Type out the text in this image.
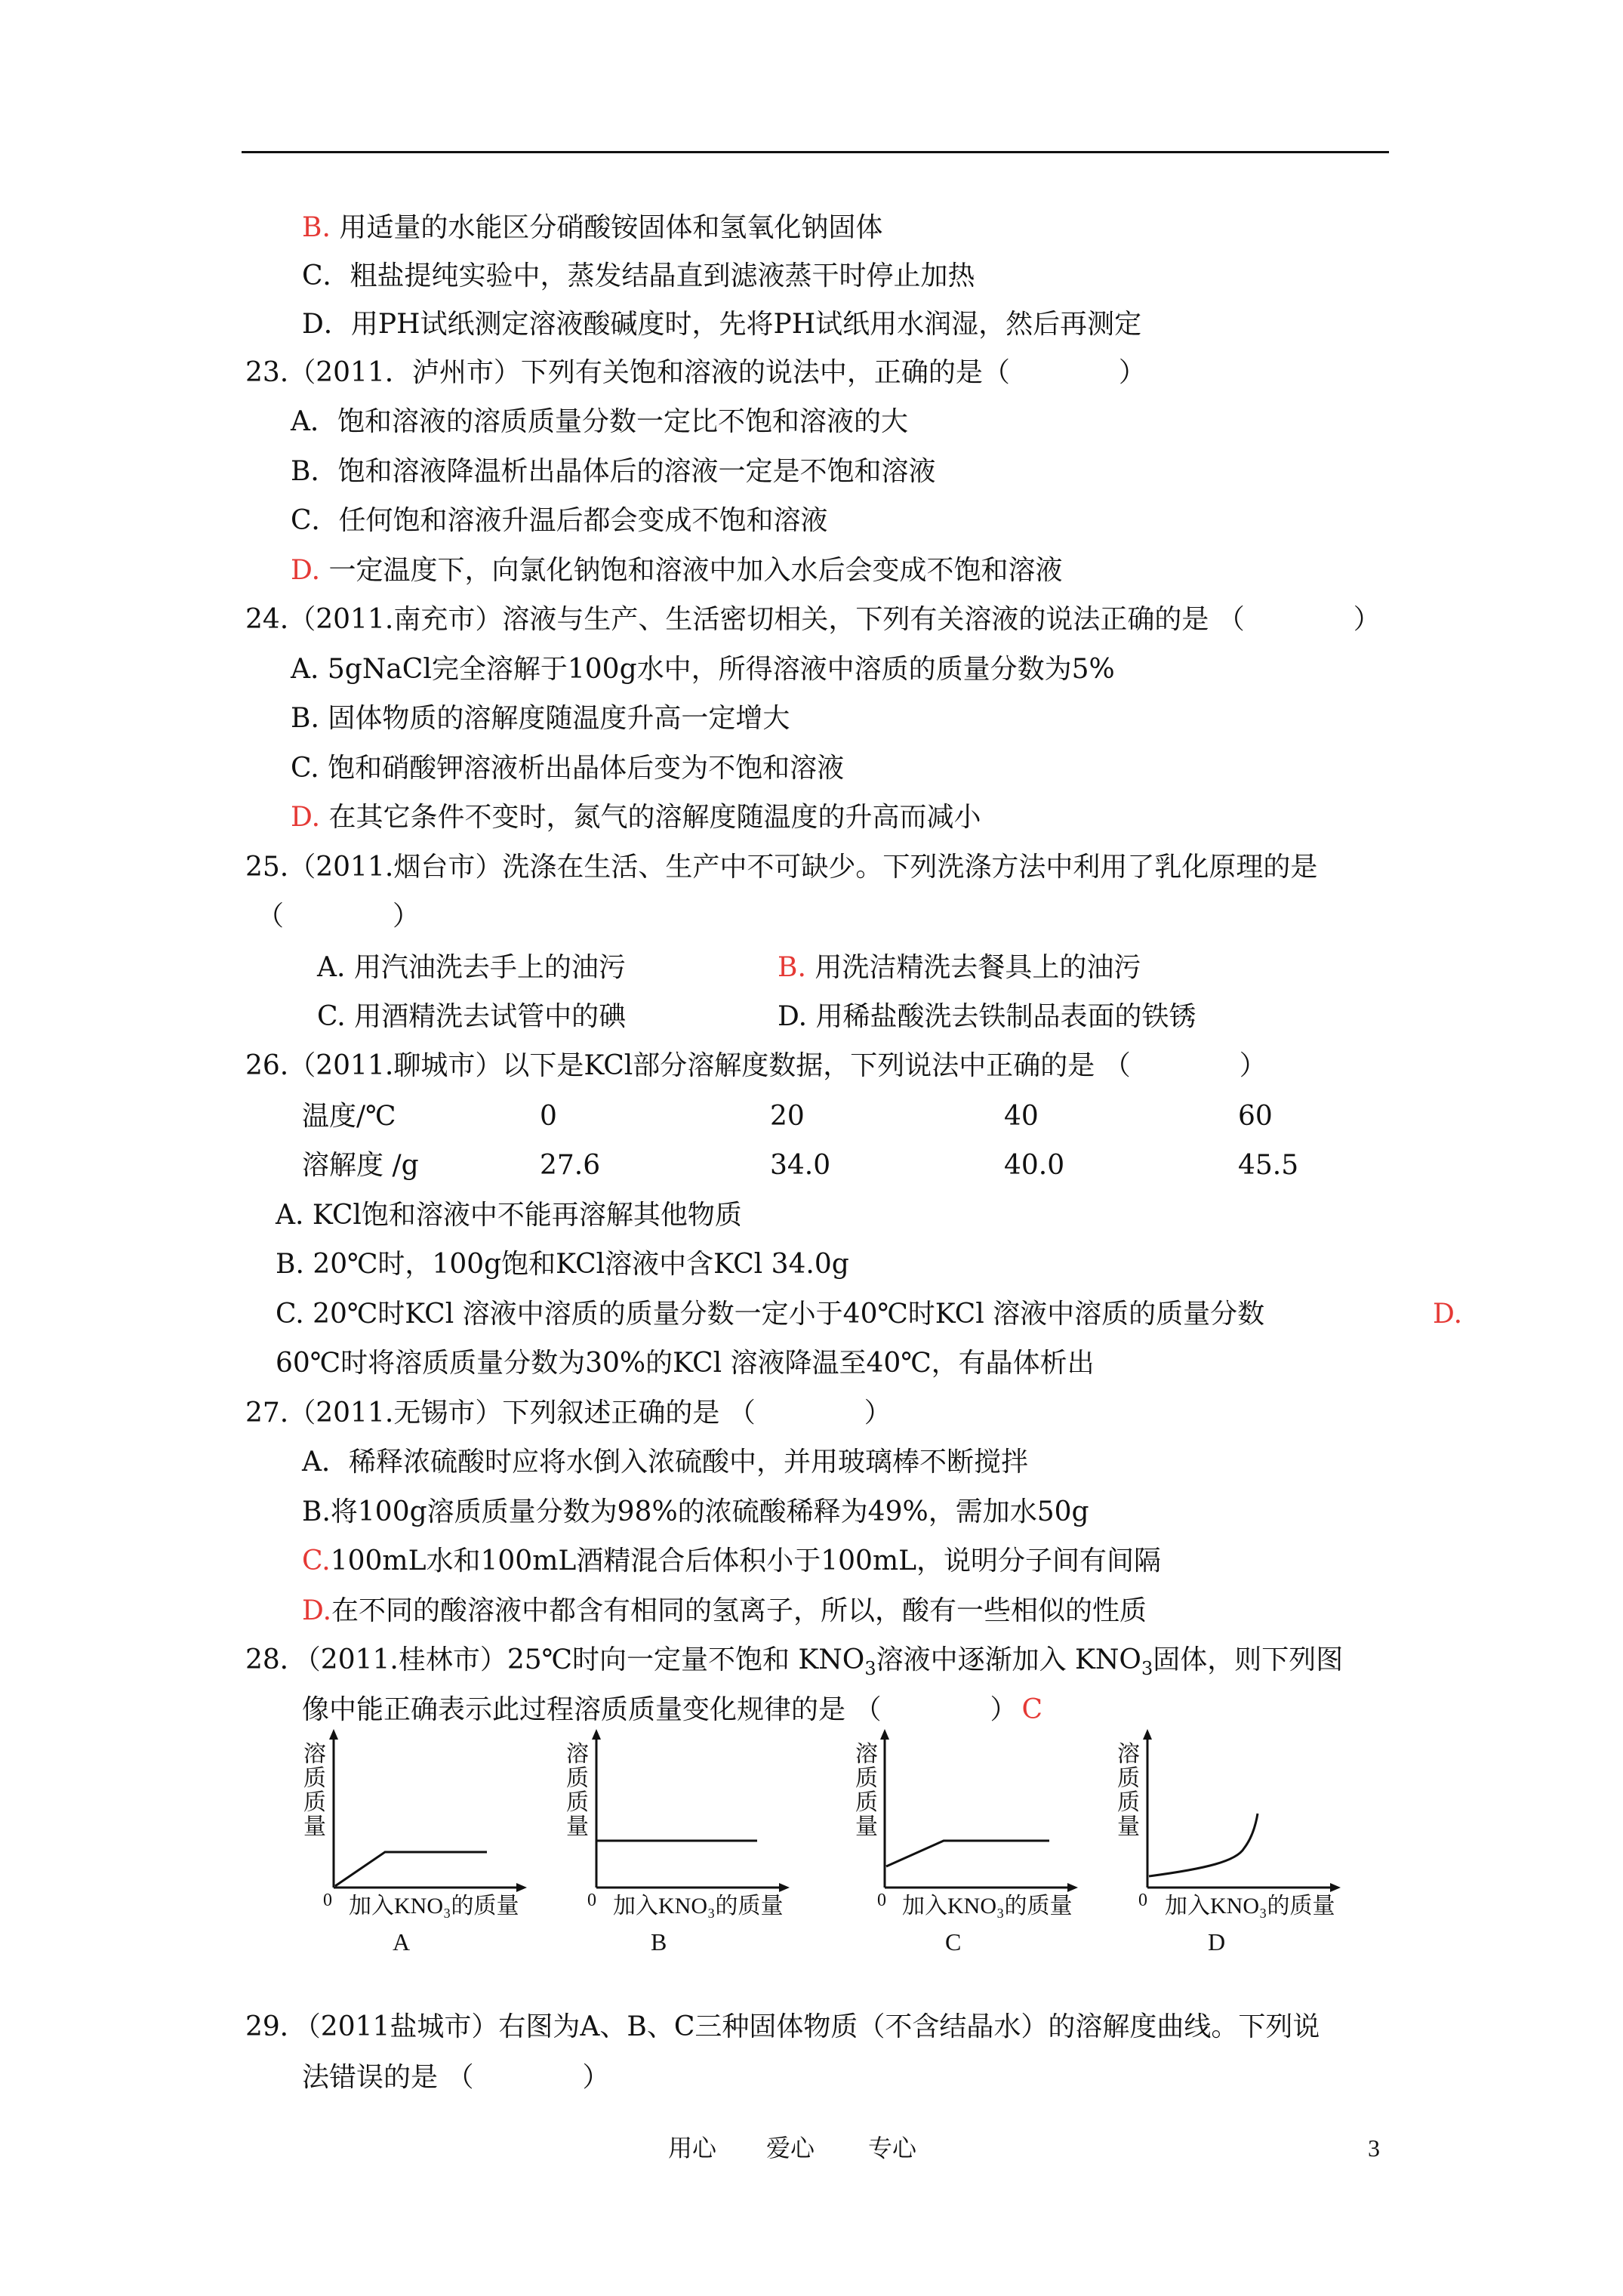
B. 用适量的水能区分硝酸铵固体和氢氧化钠固体
C．粗盐提纯实验中，蒸发结晶直到滤液蒸干时停止加热
D．用PH试纸测定溶液酸碱度时，先将PH试纸用水润湿，然后再测定
23.（2011．泸州市）下列有关饱和溶液的说法中，正确的是（　　　　）
A．饱和溶液的溶质质量分数一定比不饱和溶液的大
B．饱和溶液降温析出晶体后的溶液一定是不饱和溶液
C．任何饱和溶液升温后都会变成不饱和溶液
D. 一定温度下，向氯化钠饱和溶液中加入水后会变成不饱和溶液
24.（2011.南充市）溶液与生产、生活密切相关，下列有关溶液的说法正确的是 （　　　　）
A. 5gNaCl完全溶解于100g水中，所得溶液中溶质的质量分数为5%
B. 固体物质的溶解度随温度升高一定增大
C. 饱和硝酸钾溶液析出晶体后变为不饱和溶液
D. 在其它条件不变时，氮气的溶解度随温度的升高而减小
25.（2011.烟台市）洗涤在生活、生产中不可缺少。下列洗涤方法中利用了乳化原理的是
（　　　　）
A. 用汽油洗去手上的油污	B. 用洗洁精洗去餐具上的油污
C. 用酒精洗去试管中的碘	D. 用稀盐酸洗去铁制品表面的铁锈
26.（2011.聊城市）以下是KCl部分溶解度数据，下列说法中正确的是 （　　　　）
温度/℃	0	20	40	60
溶解度 /g	27.6	34.0	40.0	45.5
A. KCl饱和溶液中不能再溶解其他物质
B. 20℃时，100g饱和KCl溶液中含KCl 34.0g
C. 20℃时KCl 溶液中溶质的质量分数一定小于40℃时KCl 溶液中溶质的质量分数	D.
60℃时将溶质质量分数为30%的KCl 溶液降温至40℃，有晶体析出
27.（2011.无锡市）下列叙述正确的是 （　　　　）
A．稀释浓硫酸时应将水倒入浓硫酸中，并用玻璃棒不断搅拌
B.将100g溶质质量分数为98%的浓硫酸稀释为49%，需加水50g
C.100mL水和100mL酒精混合后体积小于100mL，说明分子间有间隔
D.在不同的酸溶液中都含有相同的氢离子，所以，酸有一些相似的性质
28．（2011.桂林市）25℃时向一定量不饱和 $KNO_3$溶液中逐渐加入 $KNO_3$固体，则下列图
像中能正确表示此过程溶质质量变化规律的是 （　　　　） C
溶质质量
0 加入KNO₃的质量
A
溶质质量
0 加入KNO₃的质量
B
溶质质量
0 加入KNO₃的质量
C
溶质质量
0 加入KNO₃的质量
D
29．（2011盐城市）右图为A、B、C三种固体物质（不含结晶水）的溶解度曲线。下列说
法错误的是 （　　　　）
用心 爱心 专心	3
